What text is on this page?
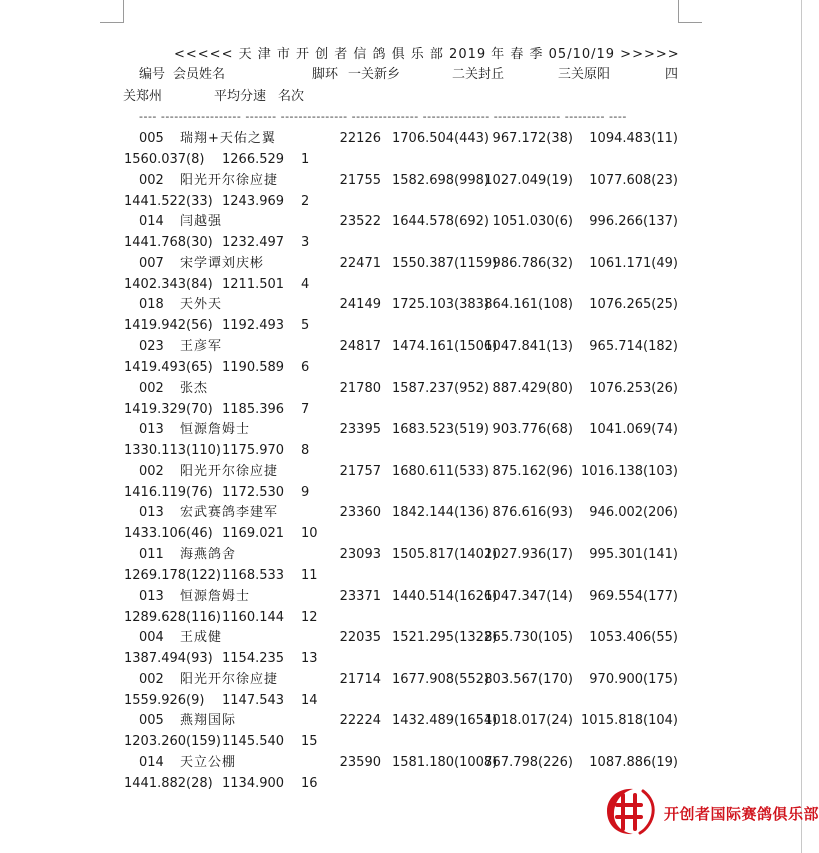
<<<<< 天 津 市 开 创 者 信 鸽 俱 乐 部 2019 年 春 季 05/10/19 >>>>>
编号 会员姓名	脚环 一关新乡	二关封丘	三关原阳	四
关郑州	平均分速 名次
---- ------------------ ------- --------------- --------------- --------------- --------------- --------- ----
005 瑞翔+天佑之翼	22126 1706.504(443) 967.172(38) 1094.483(11)
1560.037(8) 1266.529 1
002 阳光开尔徐应捷	21755 1582.698(998)
1027.049(19) 1077.608(23)
1441.522(33) 1243.969 2
014 闫越强	23522 1644.578(692) 1051.030(6) 996.266(137)
1441.768(30) 1232.497 3
007 宋学谭刘庆彬	22471 1550.387(1159)
986.786(32) 1061.171(49)
1402.343(84) 1211.501 4
018 天外天	24149 1725.103(383)
864.161(108) 1076.265(25)
1419.942(56) 1192.493 5
023 王彦军	24817 1474.161(1506)
1047.841(13) 965.714(182)
1419.493(65) 1190.589 6
002 张杰	21780 1587.237(952) 887.429(80) 1076.253(26)
1419.329(70) 1185.396 7
013 恒源詹姆士	23395 1683.523(519) 903.776(68) 1041.069(74)
1330.113(110) 1175.970 8
002 阳光开尔徐应捷	21757 1680.611(533) 875.162(96) 1016.138(103)
1416.119(76) 1172.530 9
013 宏武赛鸽李建军	23360 1842.144(136) 876.616(93) 946.002(206)
1433.106(46) 1169.021 10
011 海燕鸽舍	23093 1505.817(1402)
1027.936(17) 995.301(141)
1269.178(122) 1168.533 11
013 恒源詹姆士	23371 1440.514(1626)
1047.347(14) 969.554(177)
1289.628(116) 1160.144 12
004 王成健	22035 1521.295(1322)
865.730(105) 1053.406(55)
1387.494(93) 1154.235 13
002 阳光开尔徐应捷	21714 1677.908(552)
803.567(170) 970.900(175)
1559.926(9) 1147.543 14
005 燕翔国际	22224 1432.489(1654)
1018.017(24) 1015.818(104)
1203.260(159) 1145.540 15
014 天立公棚	23590 1581.180(1008)
767.798(226) 1087.886(19)
1441.882(28) 1134.900 16
开创者国际赛鸽俱乐部
